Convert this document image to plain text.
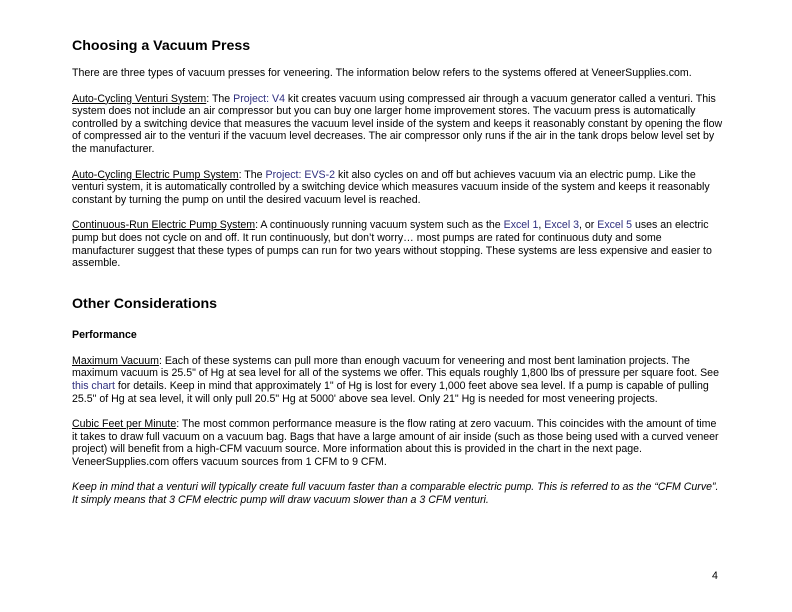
Choosing a Vacuum Press

There are three types of vacuum presses for veneering. The information below refers to the systems offered at VeneerSupplies.com.

Auto-Cycling Venturi System: The Project: V4 kit creates vacuum using compressed air through a vacuum generator called a venturi. This system does not include an air compressor but you can buy one larger home improvement stores. The vacuum press is automatically controlled by a switching device that measures the vacuum level inside of the system and keeps it reasonably constant by opening the flow of compressed air to the venturi if the vacuum level decreases. The air compressor only runs if the air in the tank drops below level set by the manufacturer.

Auto-Cycling Electric Pump System: The Project: EVS-2 kit also cycles on and off but achieves vacuum via an electric pump. Like the venturi system, it is automatically controlled by a switching device which measures vacuum inside of the system and keeps it reasonably constant by turning the pump on until the desired vacuum level is reached.

Continuous-Run Electric Pump System: A continuously running vacuum system such as the Excel 1, Excel 3, or Excel 5 uses an electric pump but does not cycle on and off. It run continuously, but don’t worry… most pumps are rated for continuous duty and some manufacturer suggest that these types of pumps can run for two years without stopping. These systems are less expensive and easier to assemble.

Other Considerations
Performance

Maximum Vacuum: Each of these systems can pull more than enough vacuum for veneering and most bent lamination projects. The maximum vacuum is 25.5" of Hg at sea level for all of the systems we offer. This equals roughly 1,800 lbs of pressure per square foot. See this chart for details. Keep in mind that approximately 1" of Hg is lost for every 1,000 feet above sea level. If a pump is capable of pulling 25.5" of Hg at sea level, it will only pull 20.5" Hg at 5000' above sea level. Only 21" Hg is needed for most veneering projects.

Cubic Feet per Minute: The most common performance measure is the flow rating at zero vacuum. This coincides with the amount of time it takes to draw full vacuum on a vacuum bag. Bags that have a large amount of air inside (such as those being used with a curved veneer project) will benefit from a high-CFM vacuum source. More information about this is provided in the chart in the next page. VeneerSupplies.com offers vacuum sources from 1 CFM to 9 CFM.

Keep in mind that a venturi will typically create full vacuum faster than a comparable electric pump. This is referred to as the “CFM Curve”. It simply means that 3 CFM electric pump will draw vacuum slower than a 3 CFM venturi.

4
